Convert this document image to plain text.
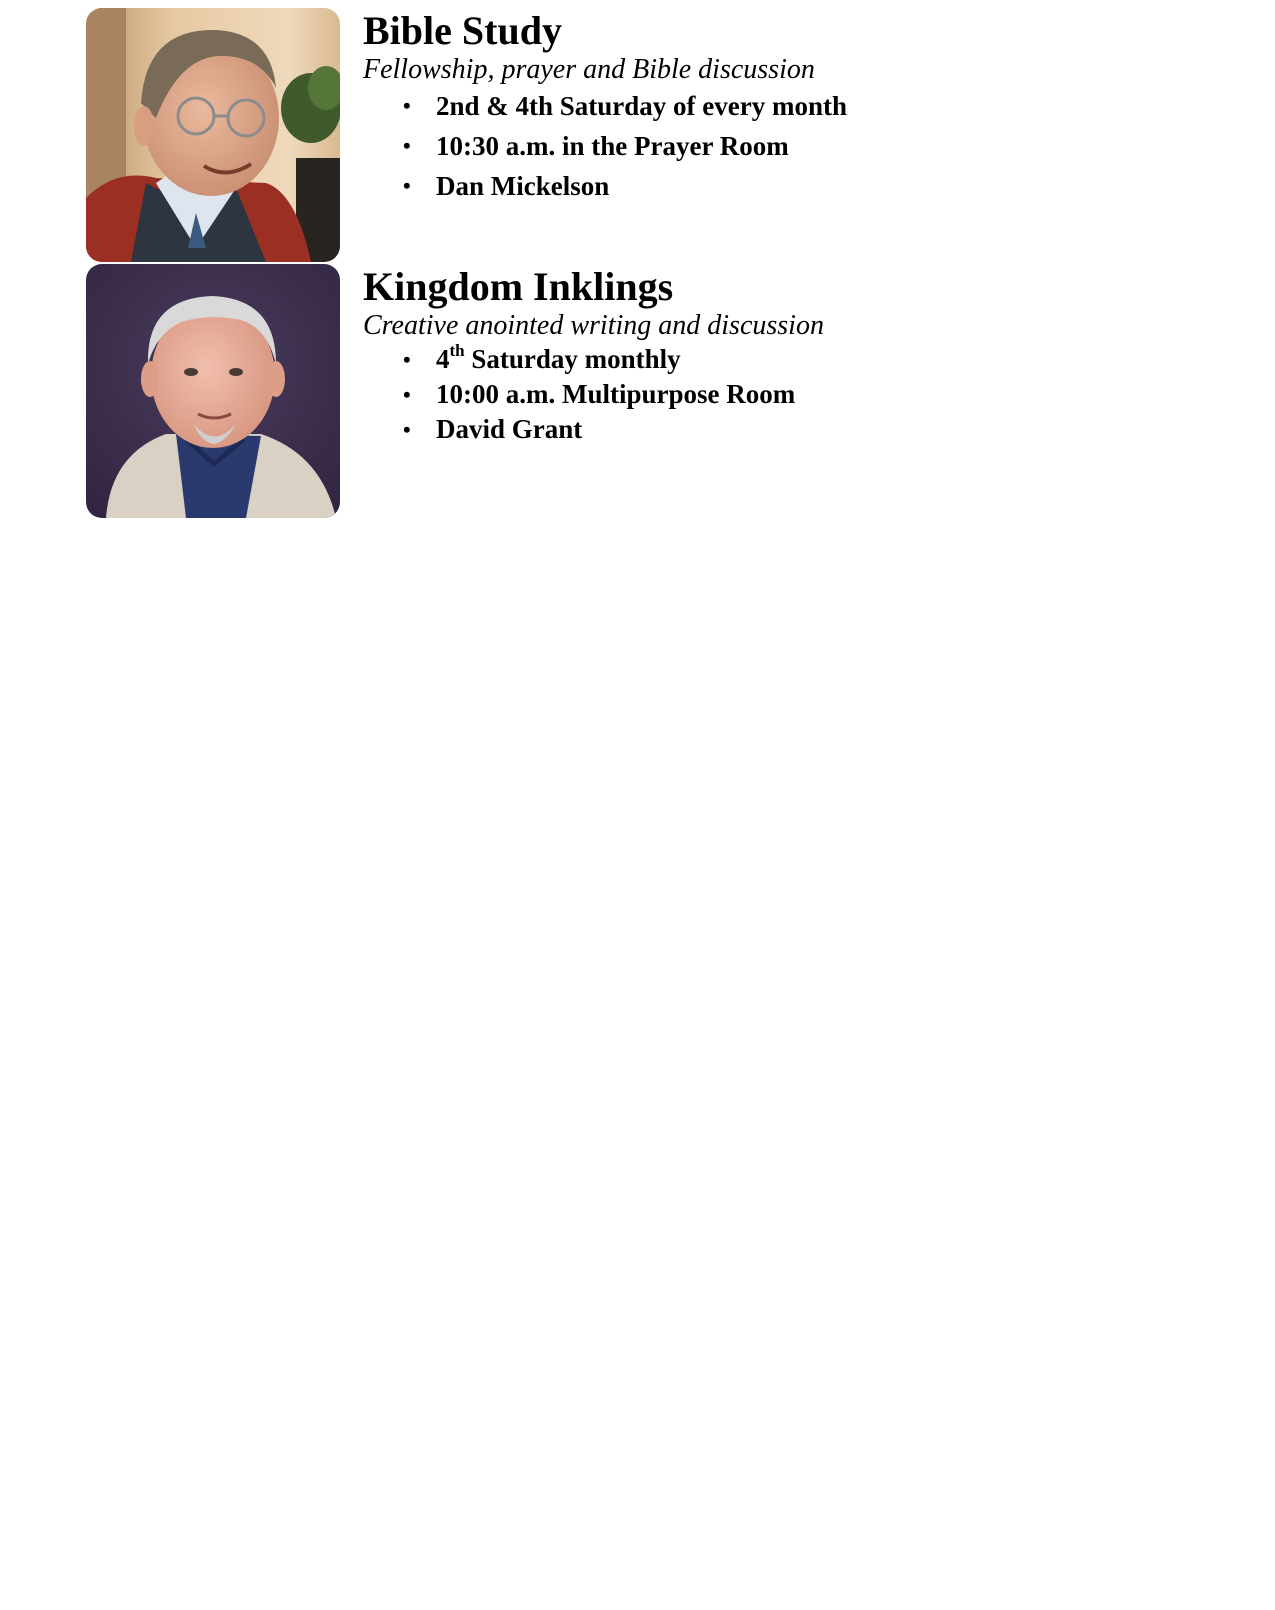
Bible Study

Fellowship, prayer and Bible discussion

• 2nd & 4th Saturday of every month
• 10:30 a.m. in the Prayer Room
• Dan Mickelson
Kingdom Inklings

Creative anointed writing and discussion

• 4th Saturday monthly
• 10:00 a.m. Multipurpose Room
• David Grant
